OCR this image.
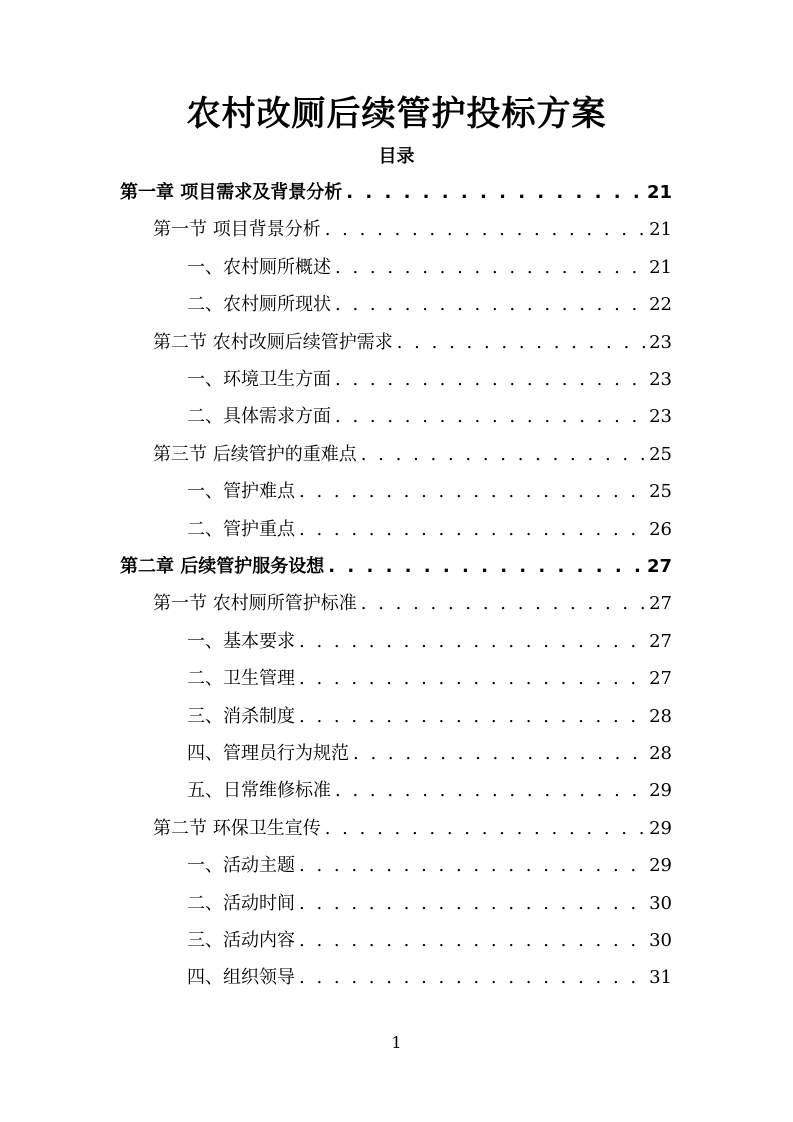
农村改厕后续管护投标方案
目录
第一章 项目需求及背景分析 . . .	21
第一节 项目背景分析 . . .	21
一、农村厕所概述 . . .	21
二、农村厕所现状 . . .	22
第二节 农村改厕后续管护需求 . . .	23
一、环境卫生方面 . . .	23
二、具体需求方面 . . .	23
第三节 后续管护的重难点 . . .	25
一、管护难点 . . .	25
二、管护重点 . . .	26
第二章 后续管护服务设想 . . .	27
第一节 农村厕所管护标准 . . .	27
一、基本要求 . . .	27
二、卫生管理 . . .	27
三、消杀制度 . . .	28
四、管理员行为规范 . . .	28
五、日常维修标准 . . .	29
第二节 环保卫生宣传 . . .	29
一、活动主题 . . .	29
二、活动时间 . . .	30
三、活动内容 . . .	30
四、组织领导 . . .	31
1
